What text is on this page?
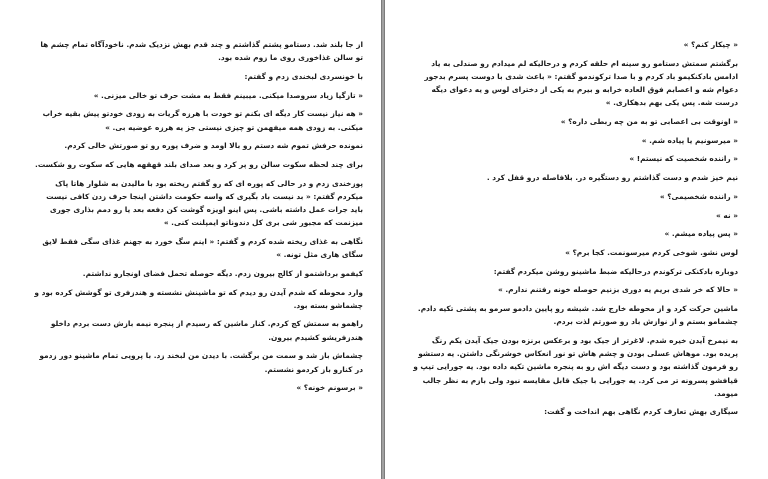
از جا بلند شد. دستامو پشتم گذاشتم و چند قدم بهش نزدیک شدم. ناخودآگاه تمام چشم ها تو سالن غذاخوری روی ما زوم شده بود.

با خونسردی لبخندی زدم و گفتم:

« تازگیا زیاد سروصدا میکنی. میبینم فقط به مشت حرف تو خالی میزنی. »

« هه نیاز نیست کار دیگه ای بکنم تو خودت با هرزه گریات به زودی خودتو پیش بقیه خراب میکنی. به زودی همه میفهمن تو چیزی نیستی جز یه هرزه عوضیه بی. »

نمونده حرفش تموم شه دستم رو بالا اومد و ضرف پوره رو تو صورتش خالی کردم.

برای چند لحظه سکوت سالن رو پر کرد و بعد صدای بلند قهقهه هایی که سکوت رو شکست.

پوزخندی زدم و در حالی که پوره ای که رو گفتم ریخته بود با مالیدن به شلوار هاتا پاک میکردم گفتم: « بد نیست باد بگیری که واسه حکومت داشتن اینجا حرف زدن کافی نیست باید جرات عمل داشته باشی. پس اینو اویزه گوشت کن دفعه بعد یا رو دمم بذاری جوری میزنمت که مجبور شی بری کل دندوناتو ایمپلنت کنی. »

نگاهی به غذای ریخته شده کردم و گفتم: « اینم سگ خورد به جهنم غذای سگی فقط لایق سگای هاری مثل تونه. »

کیفمو برداشتمو از کالج بیرون زدم. دیگه حوصله تحمل فضای اونجارو نداشتم.

وارد محوطه که شدم آیدن رو دیدم که تو ماشینش نشسته و هندزفری تو گوشش کرده بود و چشماشو بسته بود.

راهمو به سمتش کج کردم. کنار ماشین که رسیدم از پنجره نیمه بازش دست بردم داخلو هندزفریشو کشیدم بیرون.

چشماش باز شد و سمت من برگشت. با دیدن من لبخند زد. با پرویی تمام ماشینو دور زدمو در کنارو باز کردمو نشستم.

« برسونم خونه؟ »

« چیکار کنم؟ »

برگشتم سمتش دستامو رو سینه ام حلقه کردم و درحالیکه لم میدادم رو صندلی به یاد ادامس بادکنکیمو باد کردم و با صدا ترکوندمو گفتم: « باعث شدی با دوست پسرم بدجور دعوام شه و اعصابم فوق العاده خرابه و بیرم به یکی از دخترای لوس و یه دعوای دیگه درست شه. پس یکی بهم بدهکاری. »

« اونوقت بی اعصابی تو به من چه ربطی داره؟ »

« میرسونیم یا پیاده شم. »

« راننده شخصیت که نیستم! »

نیم خیز شدم و دست گذاشتم رو دستگیره در. بلافاصله درو قفل کرد .

« راننده شخصیمی؟ »

« نه »

« پس پیاده میشم. »

لوس نشو. شوخی کردم میرسونمت. کجا برم؟ »

دوباره بادکنکی ترکوندم درحالیکه ضبط ماشینو روشن میکردم گفتم:

« حالا که خر شدی بریم یه دوری بزنیم حوصله خونه رفتنم ندارم. »

ماشین حرکت کرد و از محوطه خارج شد. شیشه رو پایین دادمو سرمو به پشتی تکیه دادم. چشمامو بستم و از نوازش باد رو صورتم لذت بردم.

به نیمرخ آیدن خیره شدم. لاغرتر از جیک بود و برعکس برنزه بودن جیک آیدن یکم رنگ پریده بود. موهاش عسلی بودن و چشم هاش تو نور انعکاس خوشرنگی داشتن. یه دستشو رو فرمون گذاشته بود و دست دیگه اش رو به پنجره ماشین تکیه داده بود. یه جورایی تیپ و قیافشو پسرونه تر می کرد. یه جورایی با جیک قابل مقایسه نبود ولی بازم به نظر جالب میومد.

سیگاری بهش تعارف کردم نگاهی بهم انداخت و گفت:
